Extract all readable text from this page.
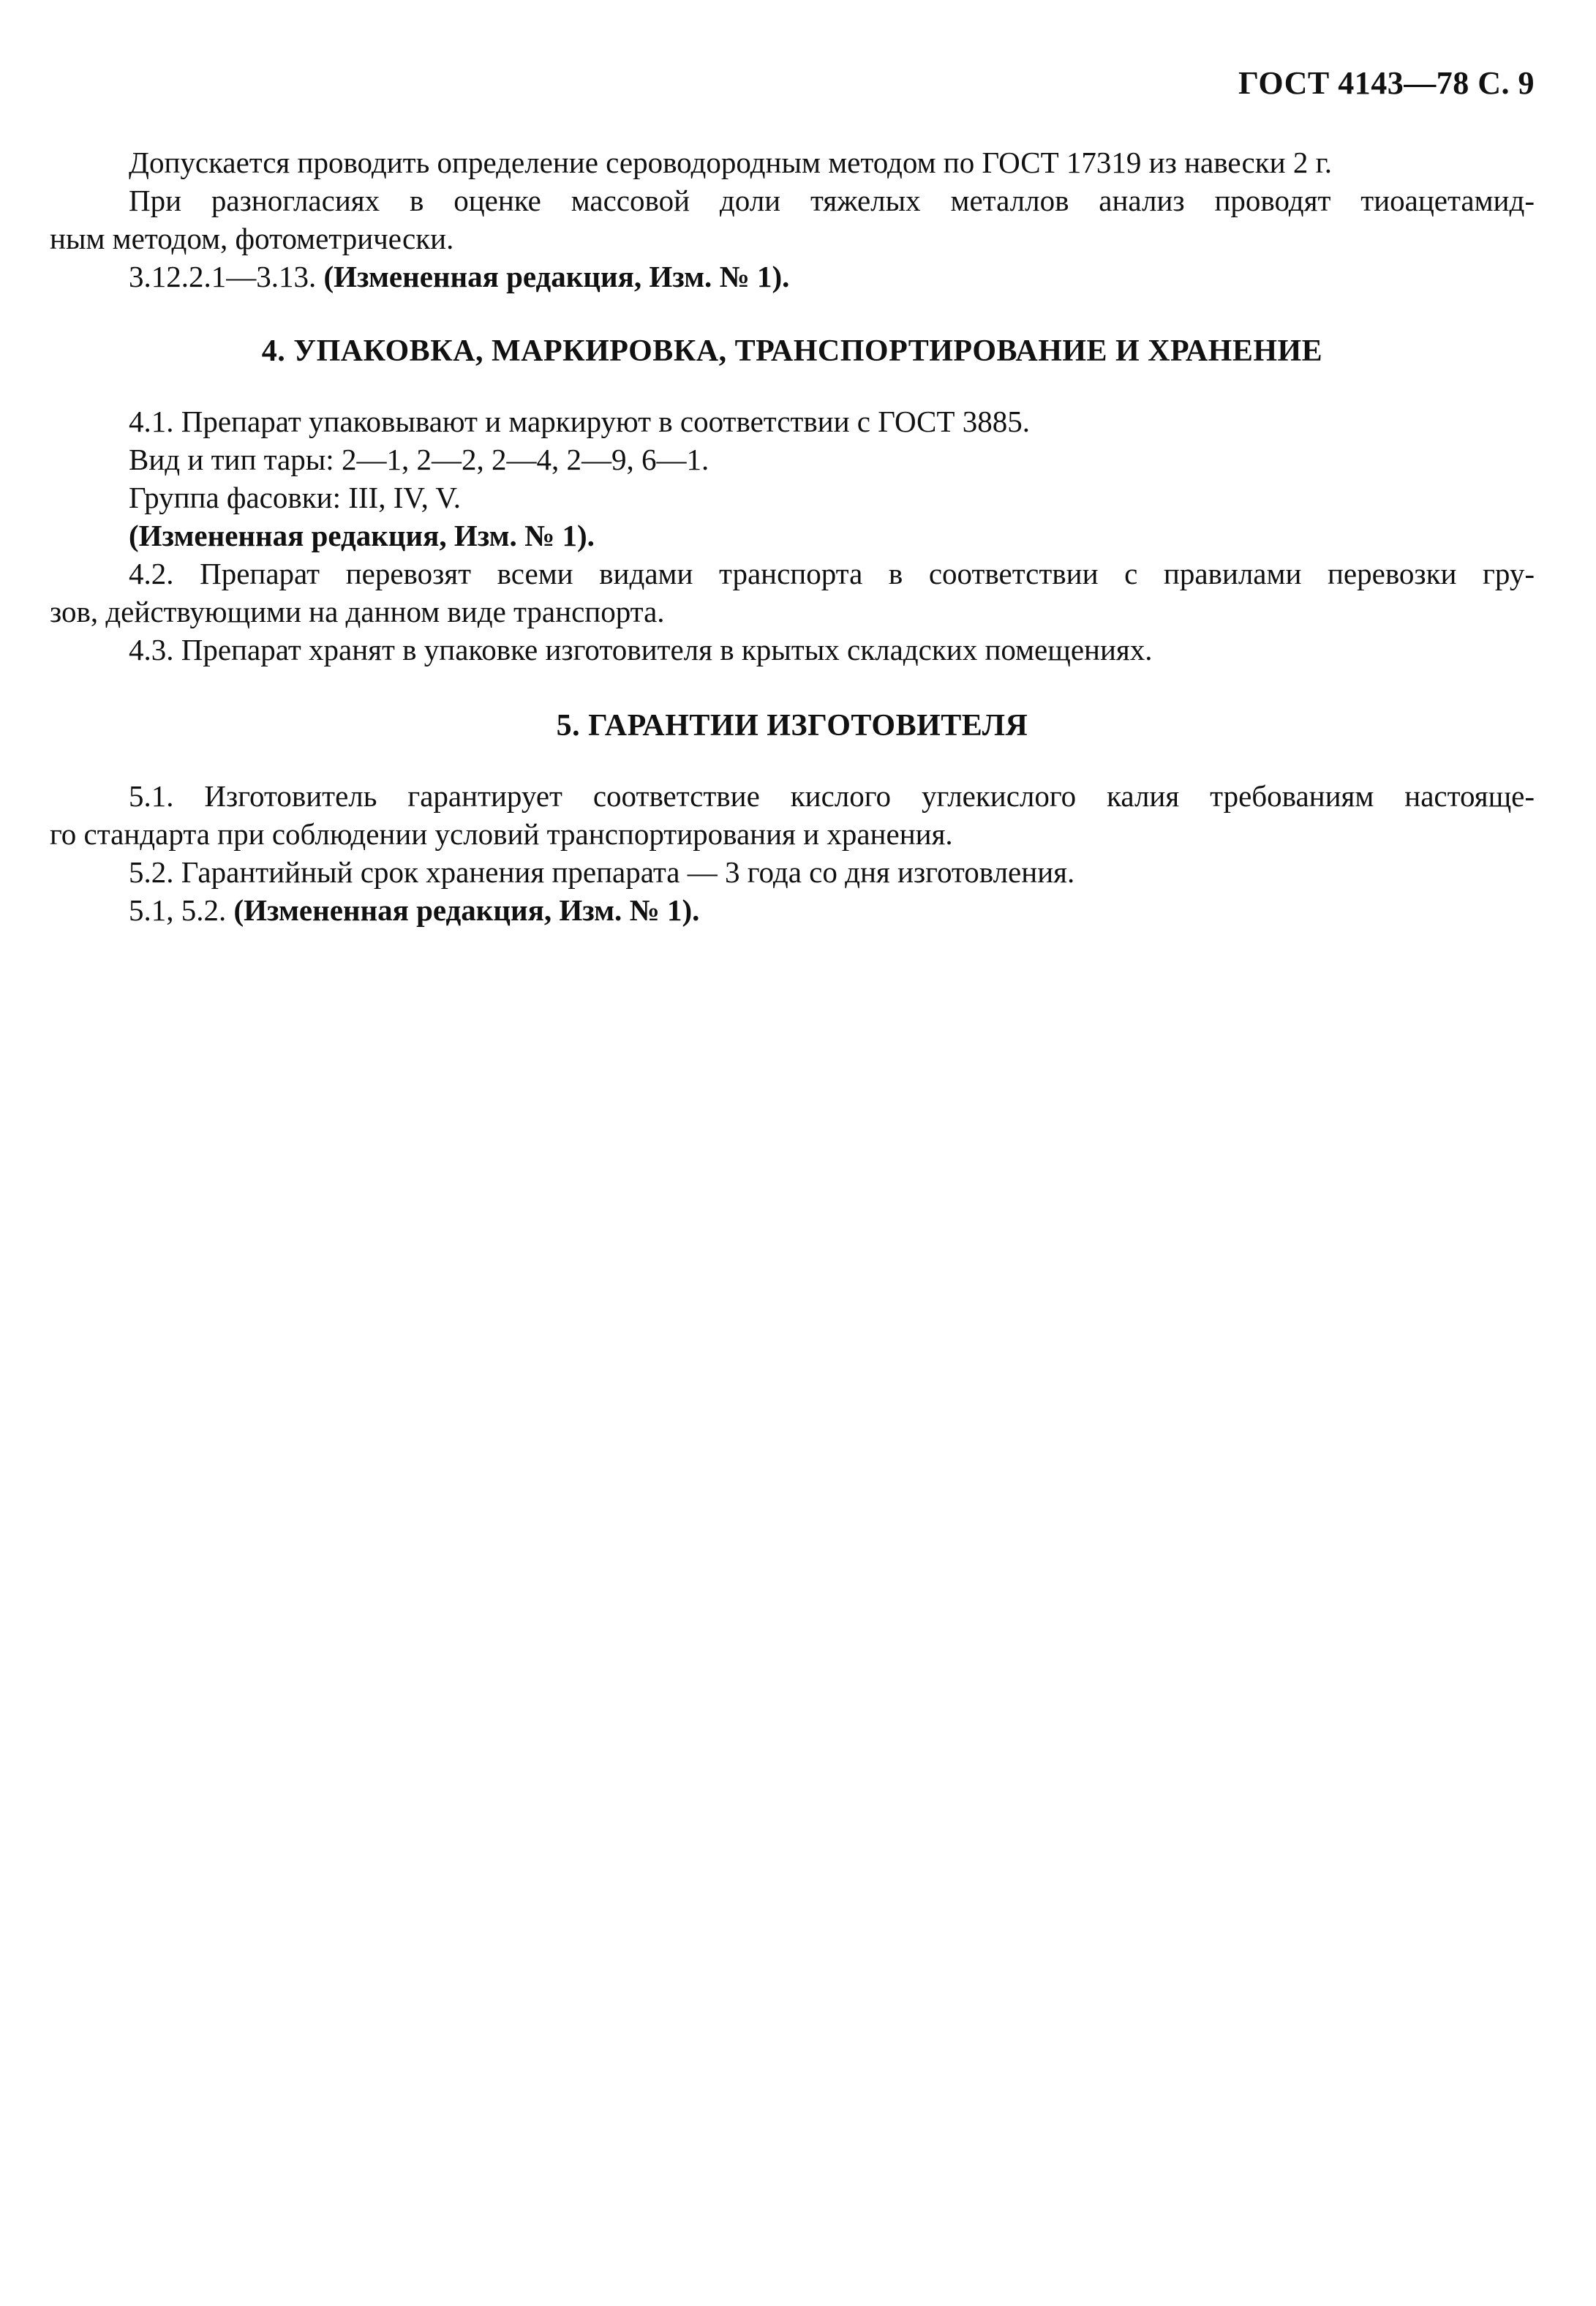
ГОСТ 4143—78 С. 9

Допускается проводить определение сероводородным методом по ГОСТ 17319 из навески 2 г.

При разногласиях в оценке массовой доли тяжелых металлов анализ проводят тиоацетамид-

ным методом, фотометрически.

3.12.2.1—3.13. (Измененная редакция, Изм. № 1).

4. УПАКОВКА, МАРКИРОВКА, ТРАНСПОРТИРОВАНИЕ И ХРАНЕНИЕ

4.1. Препарат упаковывают и маркируют в соответствии с ГОСТ 3885.

Вид и тип тары: 2—1, 2—2, 2—4, 2—9, 6—1.

Группа фасовки: III, IV, V.

(Измененная редакция, Изм. № 1).

4.2. Препарат перевозят всеми видами транспорта в соответствии с правилами перевозки гру-

зов, действующими на данном виде транспорта.

4.3. Препарат хранят в упаковке изготовителя в крытых складских помещениях.

5. ГАРАНТИИ ИЗГОТОВИТЕЛЯ

5.1. Изготовитель гарантирует соответствие кислого углекислого калия требованиям настояще-

го стандарта при соблюдении условий транспортирования и хранения.

5.2. Гарантийный срок хранения препарата — 3 года со дня изготовления.

5.1, 5.2. (Измененная редакция, Изм. № 1).
